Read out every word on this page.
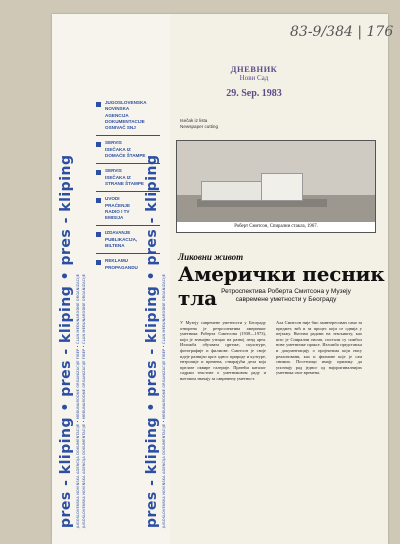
pres - kliping • pres - kliping • pres - kliping JUGOSLOVENSKA NOVINSKA AGENCIJA DOKUMENTACIJE • MEĐUNARODNE ORGANIZACIJE FIBEP • ČLAN MEĐUNARODNE ORGANIZACIJE JUGOSLOVENSKA NOVINSKA AGENCIJA DOKUMENTACIJE • MEĐUNARODNE ORGANIZACIJE FIBEP • ČLAN MEĐUNARODNE ORGANIZACIJE	pres - kliping • pres - kliping • pres - kliping JUGOSLOVENSKA NOVINSKA AGENCIJA DOKUMENTACIJE • MEĐUNARODNE ORGANIZACIJE FIBEP • ČLAN MEĐUNARODNE ORGANIZACIJE
JUGOSLOVENSKA
NOVINSKA
AGENCIJA
DOKUMENTACIJE
OSNIVAČ SNJ
SERVIS
ISEČAKA IZ
DOMAĆE ŠTAMPE
SERVIS
ISEČAKA IZ
STRANE ŠTAMPE
UVODI
PRAĆENJE
RADIO I TV
EMISIJA
IZDAVANJE
PUBLIKACIJA,
BILTENA
REKLAMU
PROPAGANDU
83-9/384 | 176
ДНЕВНИК
Нови Сад
29. Sep. 1983
Isečak iz lista
Newspaper cutting
Роберт Смитсон, Спирални стакла, 1967.
Ликовни живот
Амерички песник тла Ретроспектива Роберта Смитсона у Музеју савремене уметности у Београду

У Музеју савремене уметности у Београду отворена је ретроспектива америчког уметника Роберта Смитсона (1938—1973), који је значајно утицао на развој ленд арта. Изложба обухвата цртеже, скулптуре, фотографије и филмове. Смитсон је своје идеје развијао кроз однос природе и културе, ентропије и времена, стварајући дела која прелазе оквире галерије. Пратећи каталог садржи текстове о уметниковом раду и његовом значају за савремену уметност.

Ала Смитсон није био заинтересован само за предмет, већ и за процес који се одвија у пејзажу. Његови радови на земљишту, као што је Спирални насип, постали су симбол нове уметничке праксе. Изложба представља и документацију о пројектима који нису реализовани, као и филмове које је сам снимио. Посетиоци имају прилику да упознају рад једног од најоригиналнијих уметника свог времена.
